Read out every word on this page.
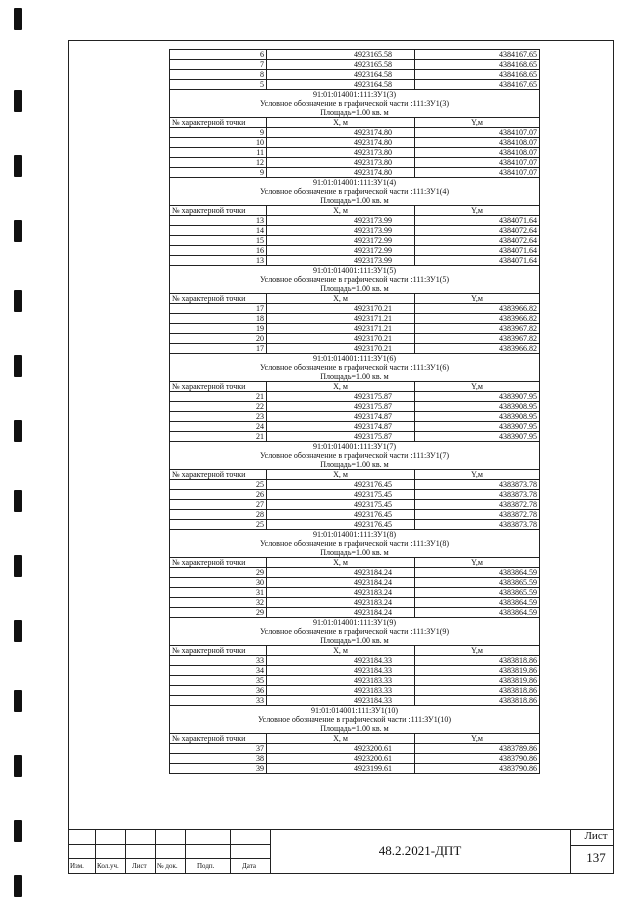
6	4923165.58	4384167.65
7	4923165.58	4384168.65
8	4923164.58	4384168.65
5	4923164.58	4384167.65
91:01:014001:111:ЗУ1(3)		
Условное обозначение в графической части :111:ЗУ1(3)		
Площадь=1.00 кв. м		
№ характерной точки	X, м	Y,м
9	4923174.80	4384107.07
10	4923174.80	4384108.07
11	4923173.80	4384108.07
12	4923173.80	4384107.07
9	4923174.80	4384107.07
91:01:014001:111:ЗУ1(4)		
Условное обозначение в графической части :111:ЗУ1(4)		
Площадь=1.00 кв. м		
№ характерной точки	X, м	Y,м
13	4923173.99	4384071.64
14	4923173.99	4384072.64
15	4923172.99	4384072.64
16	4923172.99	4384071.64
13	4923173.99	4384071.64
91:01:014001:111:ЗУ1(5)		
Условное обозначение в графической части :111:ЗУ1(5)		
Площадь=1.00 кв. м		
№ характерной точки	X, м	Y,м
17	4923170.21	4383966.82
18	4923171.21	4383966.82
19	4923171.21	4383967.82
20	4923170.21	4383967.82
17	4923170.21	4383966.82
91:01:014001:111:ЗУ1(6)		
Условное обозначение в графической части :111:ЗУ1(6)		
Площадь=1.00 кв. м		
№ характерной точки	X, м	Y,м
21	4923175.87	4383907.95
22	4923175.87	4383908.95
23	4923174.87	4383908.95
24	4923174.87	4383907.95
21	4923175.87	4383907.95
91:01:014001:111:ЗУ1(7)		
Условное обозначение в графической части :111:ЗУ1(7)		
Площадь=1.00 кв. м		
№ характерной точки	X, м	Y,м
25	4923176.45	4383873.78
26	4923175.45	4383873.78
27	4923175.45	4383872.78
28	4923176.45	4383872.78
25	4923176.45	4383873.78
91:01:014001:111:ЗУ1(8)		
Условное обозначение в графической части :111:ЗУ1(8)		
Площадь=1.00 кв. м		
№ характерной точки	X, м	Y,м
29	4923184.24	4383864.59
30	4923184.24	4383865.59
31	4923183.24	4383865.59
32	4923183.24	4383864.59
29	4923184.24	4383864.59
91:01:014001:111:ЗУ1(9)		
Условное обозначение в графической части :111:ЗУ1(9)		
Площадь=1.00 кв. м		
№ характерной точки	X, м	Y,м
33	4923184.33	4383818.86
34	4923184.33	4383819.86
35	4923183.33	4383819.86
36	4923183.33	4383818.86
33	4923184.33	4383818.86
91:01:014001:111:ЗУ1(10)		
Условное обозначение в графической части :111:ЗУ1(10)		
Площадь=1.00 кв. м		
№ характерной точки	X, м	Y,м
37	4923200.61	4383789.86
38	4923200.61	4383790.86
39	4923199.61	4383790.86
Изм. Кол.уч. Лист № док.	Подп.	Дата
48.2.2021-ДПТ
Лист
137
